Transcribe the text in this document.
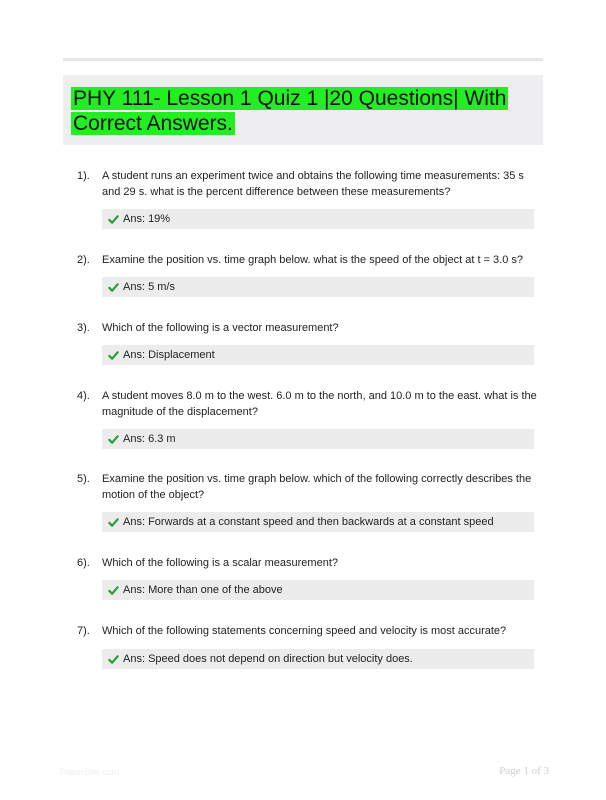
PHY 111- Lesson 1 Quiz 1 |20 Questions| With Correct Answers.
1). A student runs an experiment twice and obtains the following time measurements: 35 s and 29 s. what is the percent difference between these measurements?
Ans: 19%
2). Examine the position vs. time graph below. what is the speed of the object at t = 3.0 s?
Ans: 5 m/s
3). Which of the following is a vector measurement?
Ans: Displacement
4). A student moves 8.0 m to the west. 6.0 m to the north, and 10.0 m to the east. what is the magnitude of the displacement?
Ans: 6.3 m
5). Examine the position vs. time graph below. which of the following correctly describes the motion of the object?
Ans: Forwards at a constant speed and then backwards at a constant speed
6). Which of the following is a scalar measurement?
Ans: More than one of the above
7). Which of the following statements concerning speed and velocity is most accurate?
Ans: Speed does not depend on direction but velocity does.
PaperSite.com	Page 1 of 3
